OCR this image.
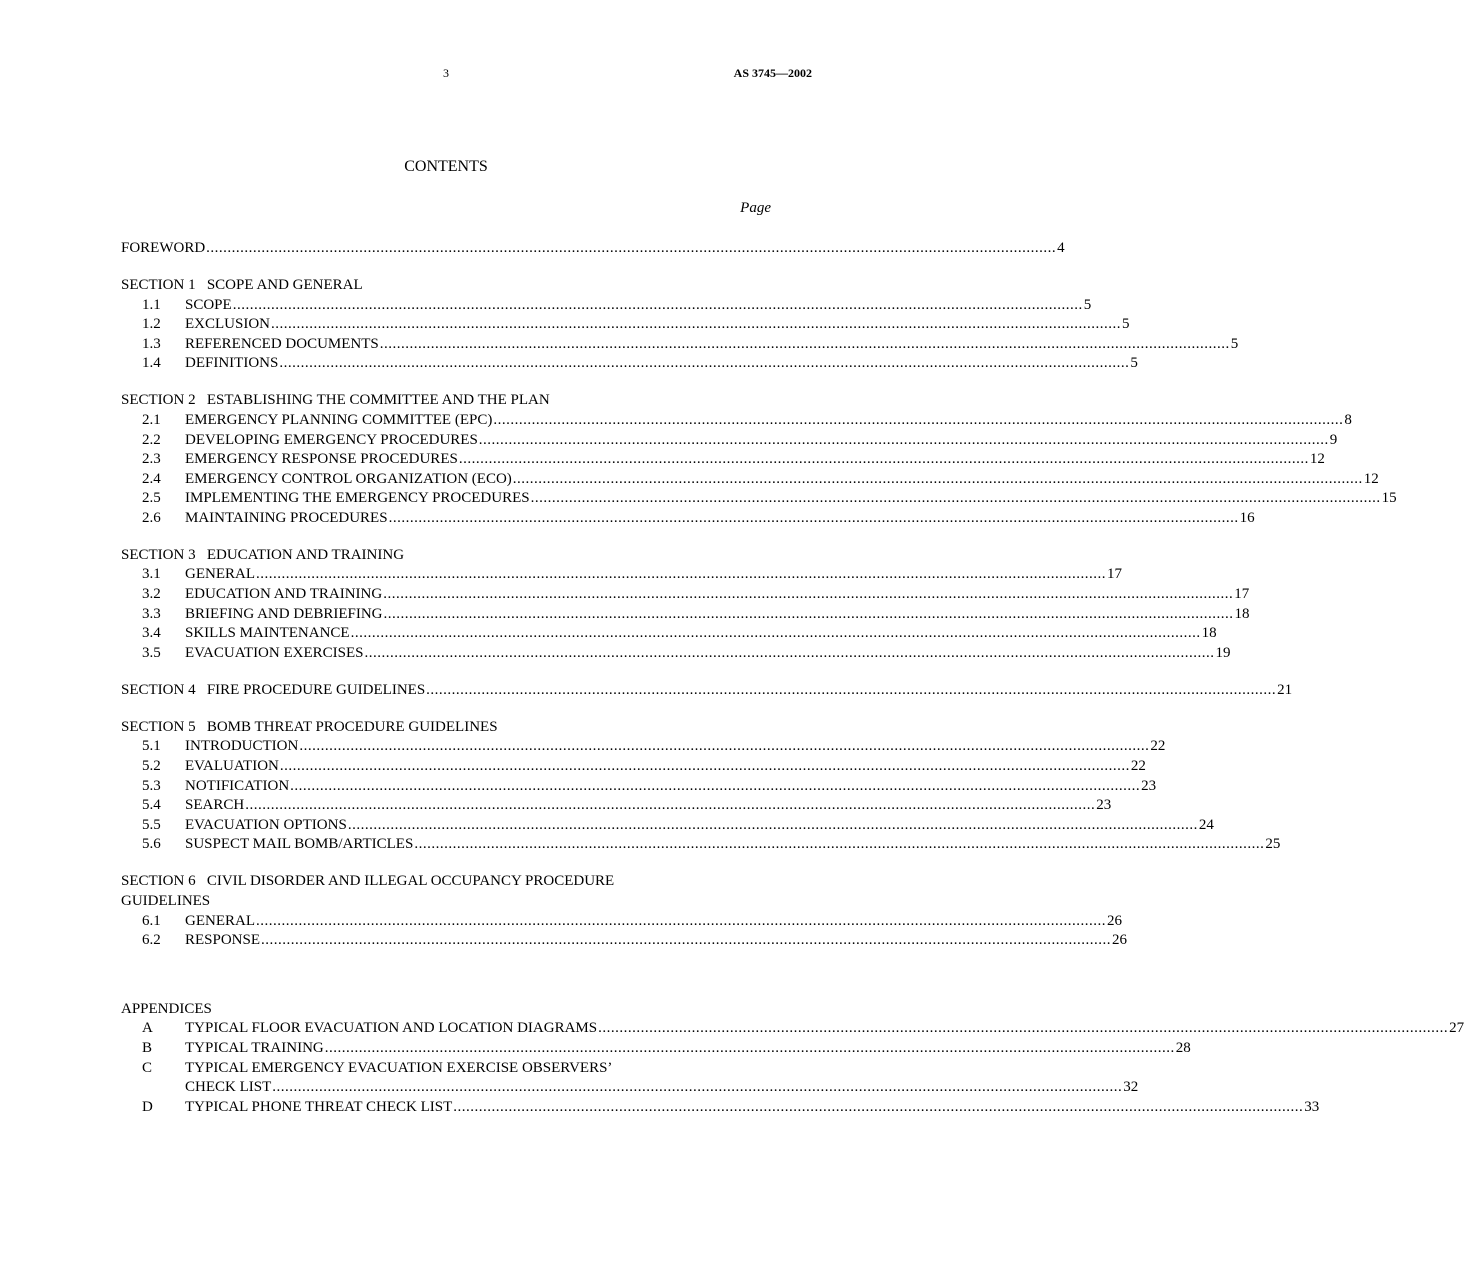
3	AS 3745—2002
CONTENTS
Page
FOREWORD ........................................................................................................................................................................................................ 4
SECTION 1   SCOPE AND GENERAL
1.1	SCOPE ........................................................................................................................................................................................................ 5
1.2	EXCLUSION ........................................................................................................................................................................................................ 5
1.3	REFERENCED DOCUMENTS ........................................................................................................................................................................................................ 5
1.4	DEFINITIONS ........................................................................................................................................................................................................ 5
SECTION 2   ESTABLISHING THE COMMITTEE AND THE PLAN
2.1	EMERGENCY PLANNING COMMITTEE (EPC) ........................................................................................................................................................................................................ 8
2.2	DEVELOPING EMERGENCY PROCEDURES ........................................................................................................................................................................................................ 9
2.3	EMERGENCY RESPONSE PROCEDURES ........................................................................................................................................................................................................ 12
2.4	EMERGENCY CONTROL ORGANIZATION (ECO) ........................................................................................................................................................................................................ 12
2.5	IMPLEMENTING THE EMERGENCY PROCEDURES ........................................................................................................................................................................................................ 15
2.6	MAINTAINING PROCEDURES ........................................................................................................................................................................................................ 16
SECTION 3   EDUCATION AND TRAINING
3.1	GENERAL ........................................................................................................................................................................................................ 17
3.2	EDUCATION AND TRAINING ........................................................................................................................................................................................................ 17
3.3	BRIEFING AND DEBRIEFING ........................................................................................................................................................................................................ 18
3.4	SKILLS MAINTENANCE ........................................................................................................................................................................................................ 18
3.5	EVACUATION EXERCISES ........................................................................................................................................................................................................ 19
SECTION 4   FIRE PROCEDURE GUIDELINES ........................................................................................................................................................................................................ 21
SECTION 5   BOMB THREAT PROCEDURE GUIDELINES
5.1	INTRODUCTION ........................................................................................................................................................................................................ 22
5.2	EVALUATION ........................................................................................................................................................................................................ 22
5.3	NOTIFICATION ........................................................................................................................................................................................................ 23
5.4	SEARCH ........................................................................................................................................................................................................ 23
5.5	EVACUATION OPTIONS ........................................................................................................................................................................................................ 24
5.6	SUSPECT MAIL BOMB/ARTICLES ........................................................................................................................................................................................................ 25
SECTION 6   CIVIL DISORDER AND ILLEGAL OCCUPANCY PROCEDURE GUIDELINES
6.1	GENERAL ........................................................................................................................................................................................................ 26
6.2	RESPONSE ........................................................................................................................................................................................................ 26
APPENDICES
A	TYPICAL FLOOR EVACUATION AND LOCATION DIAGRAMS ........................................................................................................................................................................................................ 27
B	TYPICAL TRAINING ........................................................................................................................................................................................................ 28
C	TYPICAL EMERGENCY EVACUATION EXERCISE OBSERVERS’
CHECK LIST ........................................................................................................................................................................................................ 32
D	TYPICAL PHONE THREAT CHECK LIST ........................................................................................................................................................................................................ 33
